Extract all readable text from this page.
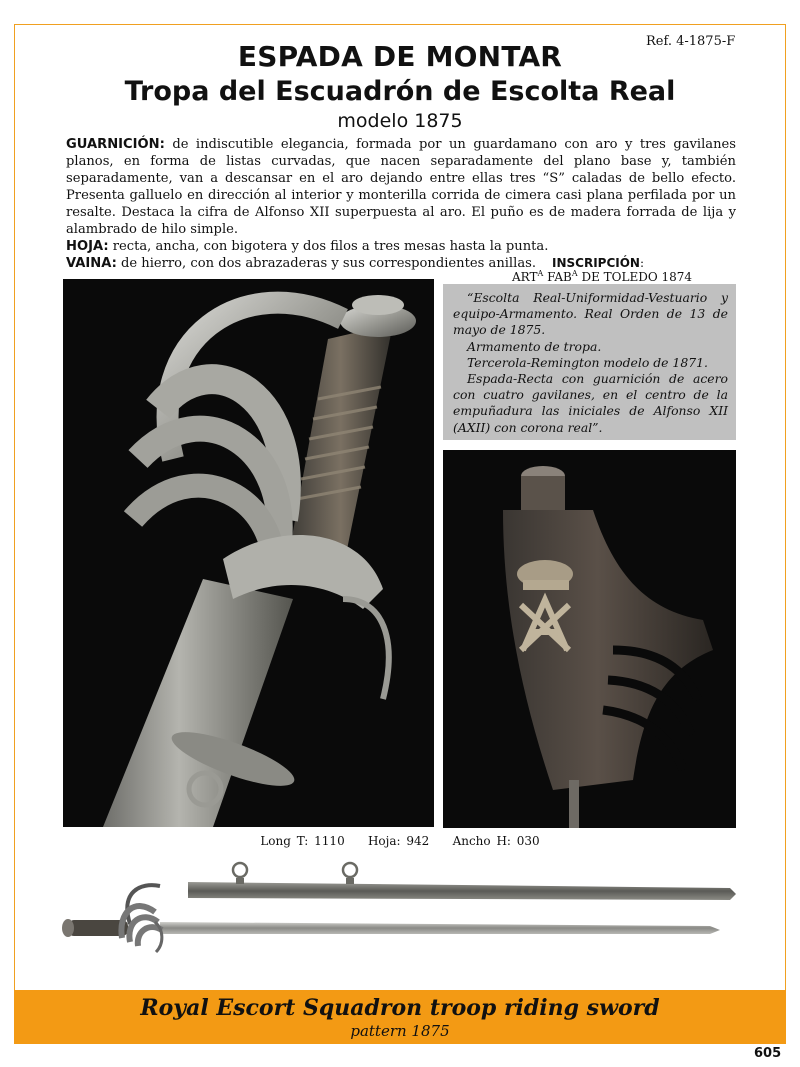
Ref. 4-1875-F
ESPADA DE MONTAR
Tropa del Escuadrón de Escolta Real
modelo 1875

GUARNICIÓN: de indiscutible elegancia, formada por un guardamano con aro y tres gavilanes planos, en forma de listas curvadas, que nacen separadamente del plano base y, también separadamente, van a descansar en el aro dejando entre ellas tres “S” caladas de bello efecto. Presenta galluelo en dirección al interior y monterilla corrida de cimera casi plana perfilada por un resalte. Destaca la cifra de Alfonso XII superpuesta al aro. El puño es de madera forrada de lija y alambrado de hilo simple.

HOJA: recta, ancha, con bigotera y dos filos a tres mesas hasta la punta.

VAINA: de hierro, con dos abrazaderas y sus correspondientes anillas.	INSCRIPCIÓN:
$ART^A$ $FAB^A$ DE TOLEDO 1874

“Escolta Real-Uniformidad-Vestuario y equipo-Armamento. Real Orden de 13 de mayo de 1875.

Armamento de tropa.

Tercerola-Remington modelo de 1871.

Espada-Recta con guarnición de acero con cuatro gavilanes, en el centro de la empuñadura las iniciales de Alfonso XII (AXII) con corona real”.

Long T: 1110 Hoja: 942 Ancho H: 030
Royal Escort Squadron troop riding sword
pattern 1875
605
